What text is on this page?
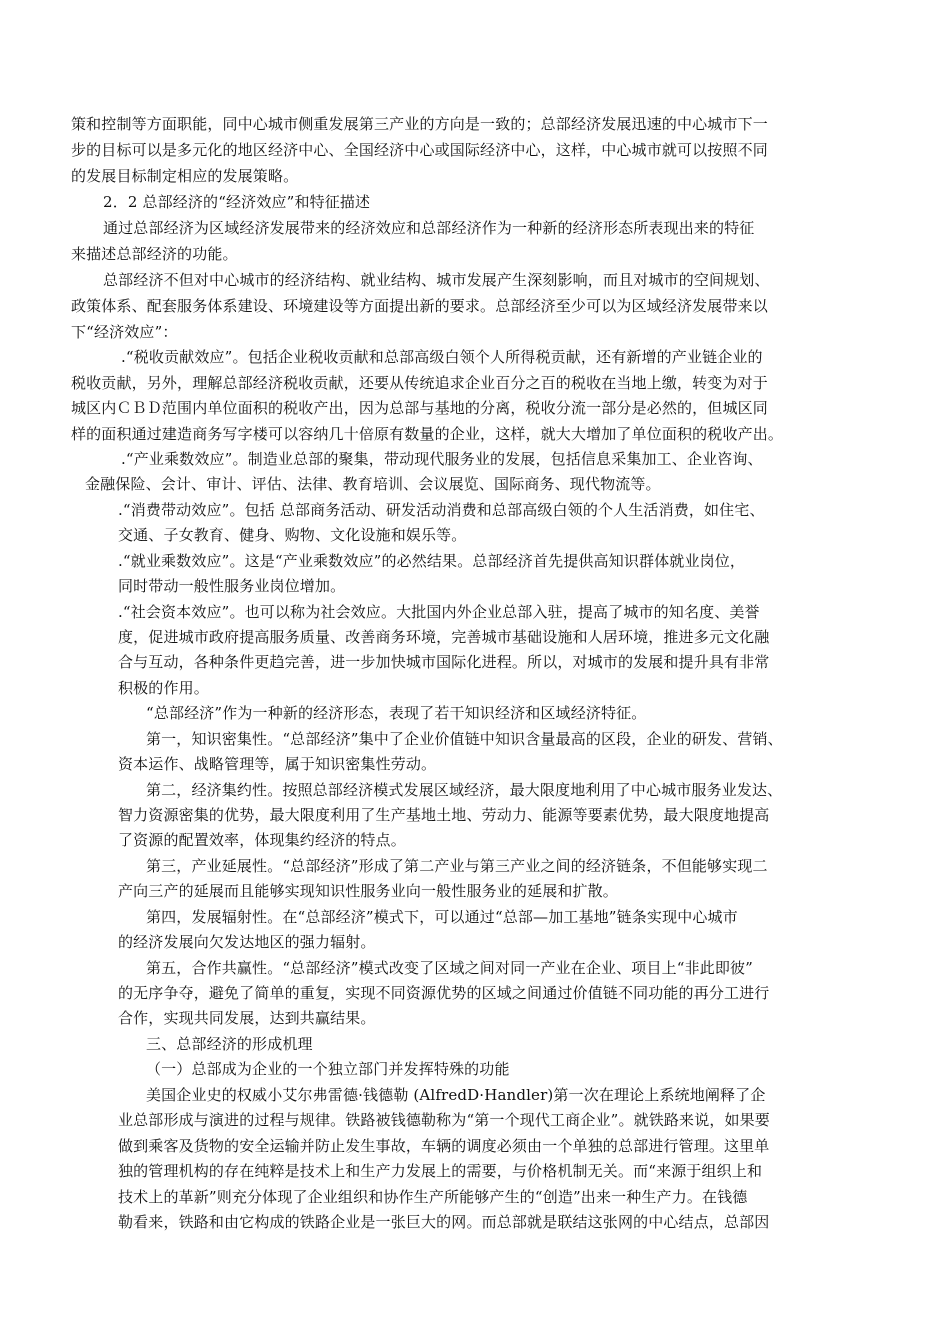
策和控制等方面职能，同中心城市侧重发展第三产业的方向是一致的；总部经济发展迅速的中心城市下一
步的目标可以是多元化的地区经济中心、全国经济中心或国际经济中心，这样，中心城市就可以按照不同
的发展目标制定相应的发展策略。
2．2 总部经济的“经济效应”和特征描述
通过总部经济为区域经济发展带来的经济效应和总部经济作为一种新的经济形态所表现出来的特征
来描述总部经济的功能。
总部经济不但对中心城市的经济结构、就业结构、城市发展产生深刻影响，而且对城市的空间规划、
政策体系、配套服务体系建设、环境建设等方面提出新的要求。总部经济至少可以为区域经济发展带来以
下“经济效应”：
.“税收贡献效应”。包括企业税收贡献和总部高级白领个人所得税贡献，还有新增的产业链企业的
税收贡献，另外，理解总部经济税收贡献，还要从传统追求企业百分之百的税收在当地上缴，转变为对于
城区内ＣＢＤ范围内单位面积的税收产出，因为总部与基地的分离，税收分流一部分是必然的，但城区同
样的面积通过建造商务写字楼可以容纳几十倍原有数量的企业，这样，就大大增加了单位面积的税收产出。
.“产业乘数效应”。制造业总部的聚集，带动现代服务业的发展，包括信息采集加工、企业咨询、
金融保险、会计、审计、评估、法律、教育培训、会议展览、国际商务、现代物流等。
.“消费带动效应”。包括 总部商务活动、研发活动消费和总部高级白领的个人生活消费，如住宅、
交通、子女教育、健身、购物、文化设施和娱乐等。
.“就业乘数效应”。这是“产业乘数效应”的必然结果。总部经济首先提供高知识群体就业岗位，
同时带动一般性服务业岗位增加。
.“社会资本效应”。也可以称为社会效应。大批国内外企业总部入驻，提高了城市的知名度、美誉
度，促进城市政府提高服务质量、改善商务环境，完善城市基础设施和人居环境，推进多元文化融
合与互动，各种条件更趋完善，进一步加快城市国际化进程。所以，对城市的发展和提升具有非常
积极的作用。
“总部经济”作为一种新的经济形态，表现了若干知识经济和区域经济特征。
第一，知识密集性。“总部经济”集中了企业价值链中知识含量最高的区段，企业的研发、营销、
资本运作、战略管理等，属于知识密集性劳动。
第二，经济集约性。按照总部经济模式发展区域经济，最大限度地利用了中心城市服务业发达、
智力资源密集的优势，最大限度利用了生产基地土地、劳动力、能源等要素优势，最大限度地提高
了资源的配置效率，体现集约经济的特点。
第三，产业延展性。“总部经济”形成了第二产业与第三产业之间的经济链条，不但能够实现二
产向三产的延展而且能够实现知识性服务业向一般性服务业的延展和扩散。
第四，发展辐射性。在“总部经济”模式下，可以通过“总部—加工基地”链条实现中心城市
的经济发展向欠发达地区的强力辐射。
第五，合作共赢性。“总部经济”模式改变了区域之间对同一产业在企业、项目上“非此即彼”
的无序争夺，避免了简单的重复，实现不同资源优势的区域之间通过价值链不同功能的再分工进行
合作，实现共同发展，达到共赢结果。
三、总部经济的形成机理
（一）总部成为企业的一个独立部门并发挥特殊的功能
美国企业史的权威小艾尔弗雷德·钱德勒 (AlfredD·Handler)第一次在理论上系统地阐释了企
业总部形成与演进的过程与规律。铁路被钱德勒称为“第一个现代工商企业”。就铁路来说，如果要
做到乘客及货物的安全运输并防止发生事故，车辆的调度必须由一个单独的总部进行管理。这里单
独的管理机构的存在纯粹是技术上和生产力发展上的需要，与价格机制无关。而“来源于组织上和
技术上的革新”则充分体现了企业组织和协作生产所能够产生的“创造”出来一种生产力。在钱德
勒看来，铁路和由它构成的铁路企业是一张巨大的网。而总部就是联结这张网的中心结点，总部因
